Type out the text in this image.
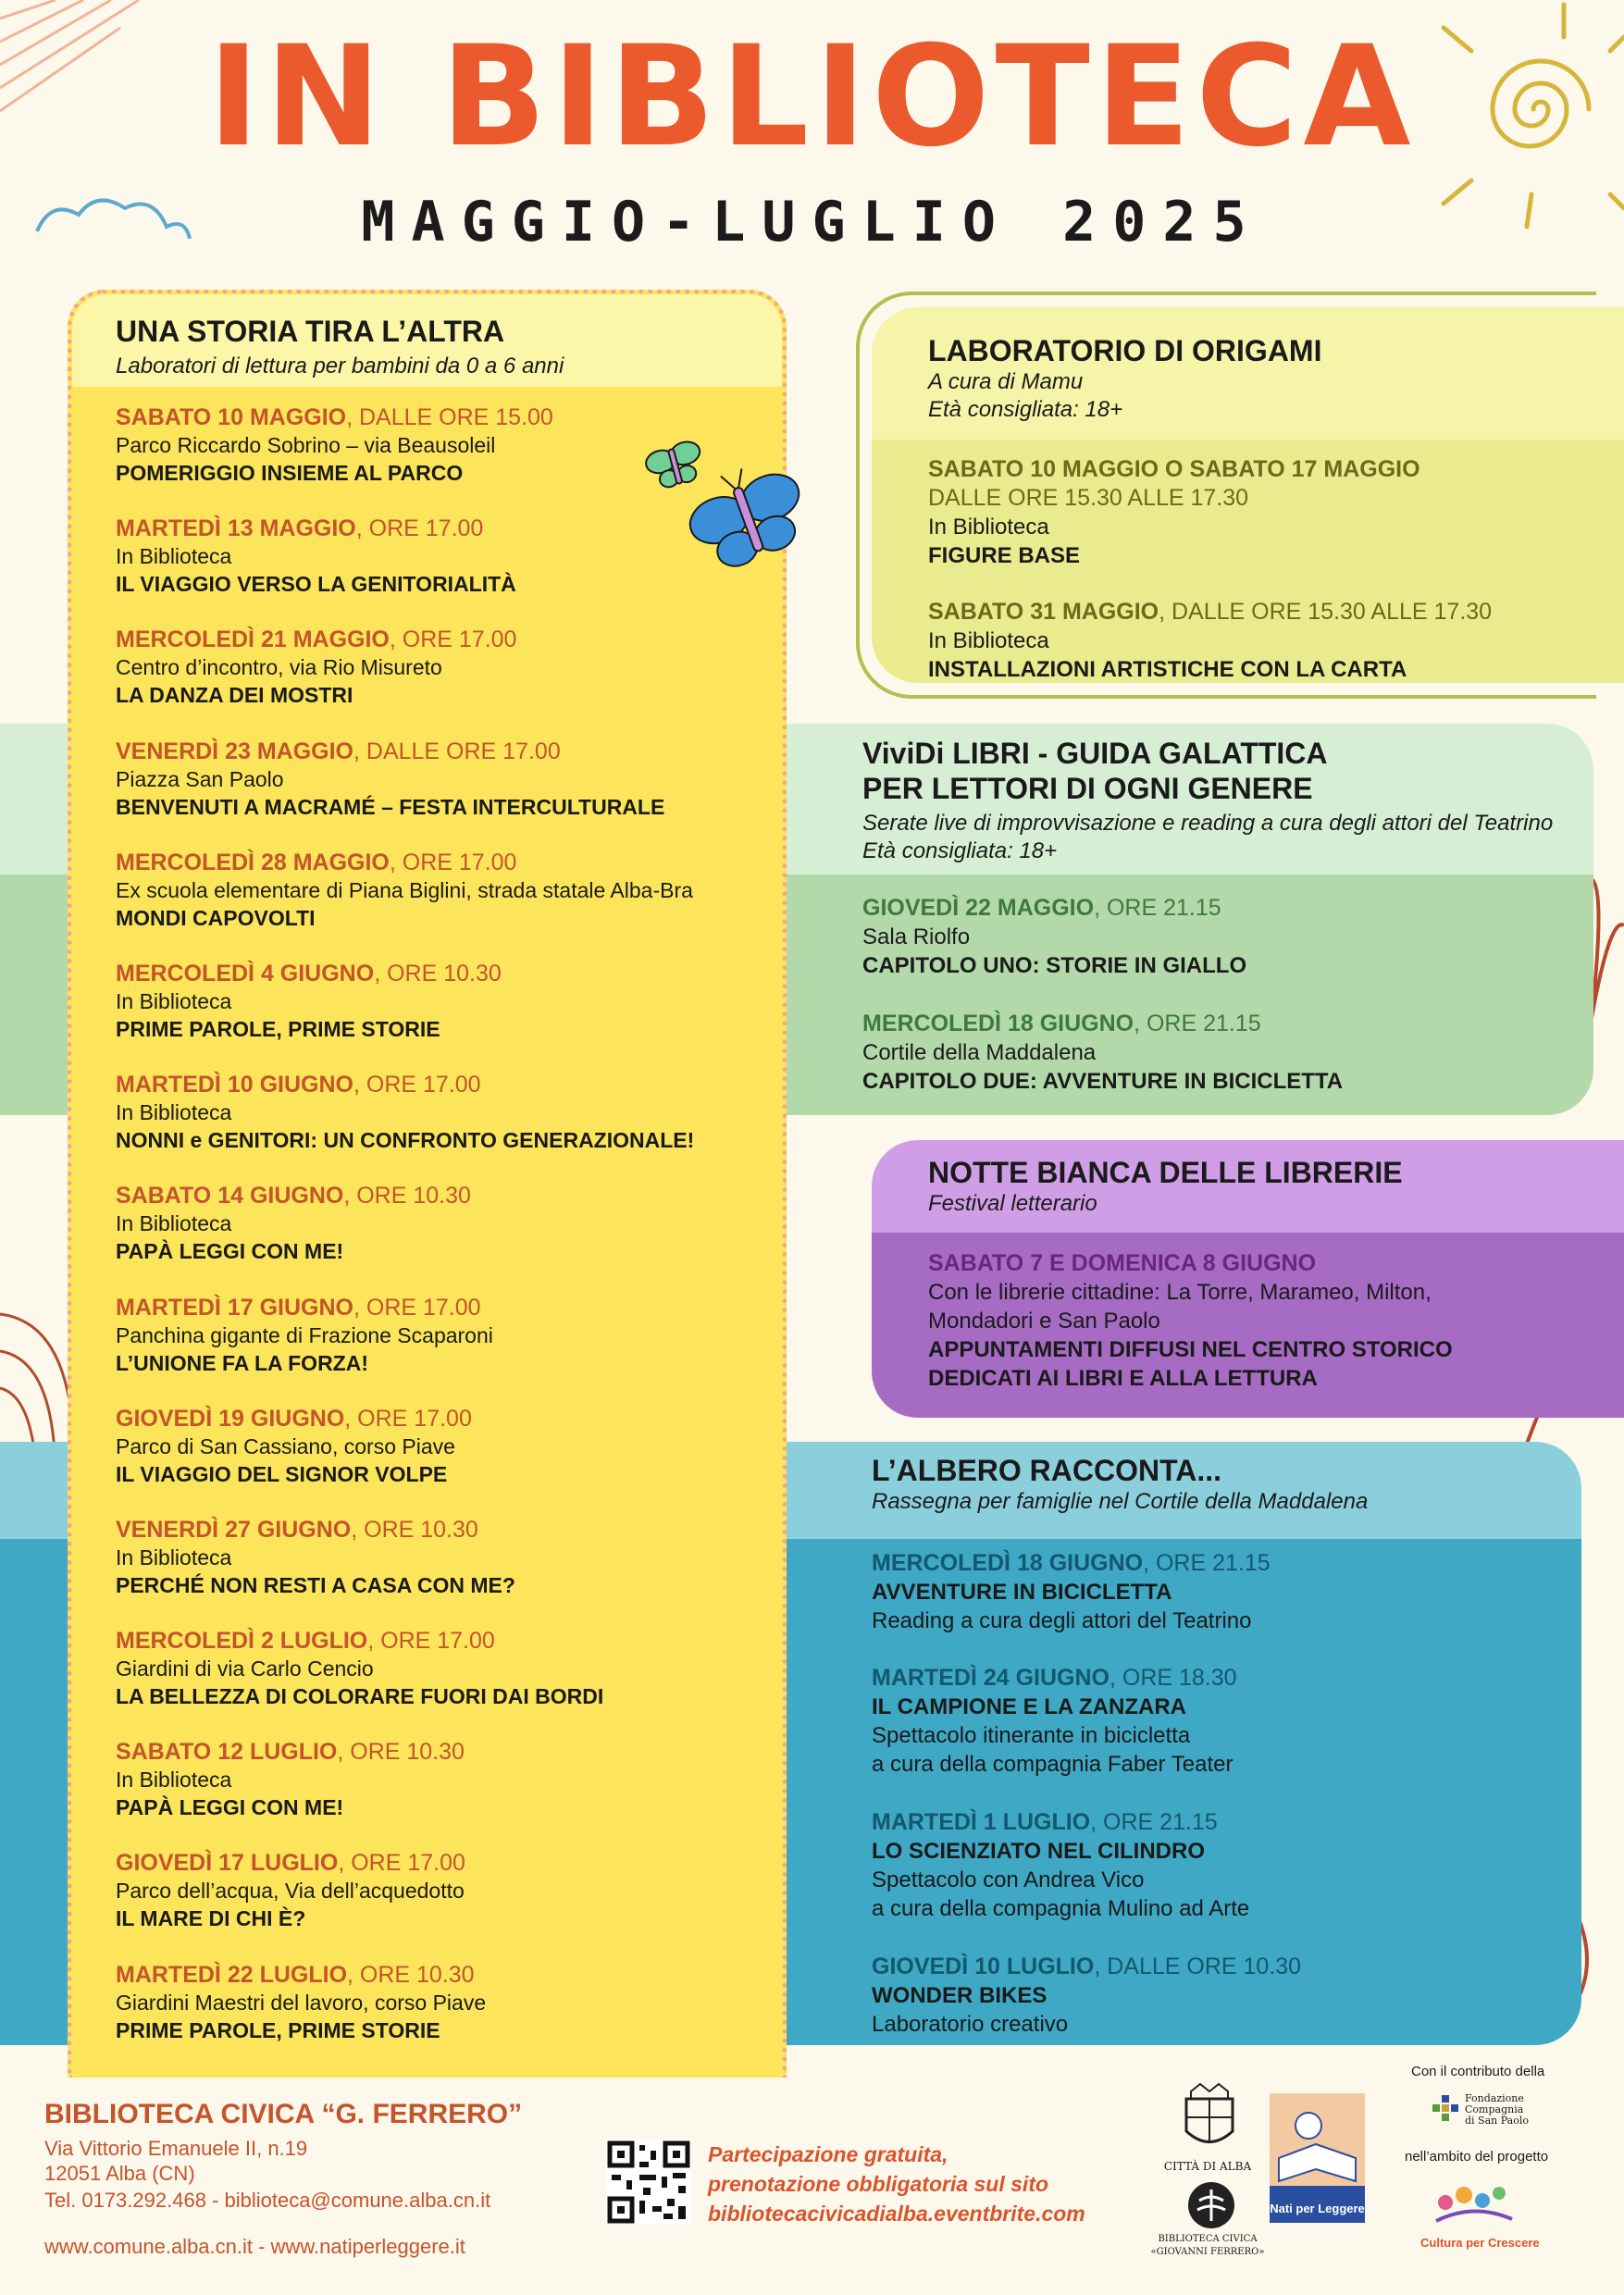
IN BIBLIOTECA
MAGGIO-LUGLIO 2025
ViviDi LIBRI - GUIDA GALATTICA
PER LETTORI DI OGNI GENERE
Serate live di improvvisazione e reading a cura degli attori del Teatrino
Età consigliata: 18+
GIOVEDÌ 22 MAGGIO, ORE 21.15
Sala Riolfo
CAPITOLO UNO: STORIE IN GIALLO
MERCOLEDÌ 18 GIUGNO, ORE 21.15
Cortile della Maddalena
CAPITOLO DUE: AVVENTURE IN BICICLETTA
L’ALBERO RACCONTA...
Rassegna per famiglie nel Cortile della Maddalena
MERCOLEDÌ 18 GIUGNO, ORE 21.15
AVVENTURE IN BICICLETTA
Reading a cura degli attori del Teatrino
MARTEDÌ 24 GIUGNO, ORE 18.30
IL CAMPIONE E LA ZANZARA
Spettacolo itinerante in bicicletta
a cura della compagnia Faber Teater
MARTEDÌ 1 LUGLIO, ORE 21.15
LO SCIENZIATO NEL CILINDRO
Spettacolo con Andrea Vico
a cura della compagnia Mulino ad Arte
GIOVEDÌ 10 LUGLIO, DALLE ORE 10.30
WONDER BIKES
Laboratorio creativo
LABORATORIO DI ORIGAMI
A cura di Mamu
Età consigliata: 18+
SABATO 10 MAGGIO O SABATO 17 MAGGIO
DALLE ORE 15.30 ALLE 17.30
In Biblioteca
FIGURE BASE
SABATO 31 MAGGIO, DALLE ORE 15.30 ALLE 17.30
In Biblioteca
INSTALLAZIONI ARTISTICHE CON LA CARTA
NOTTE BIANCA DELLE LIBRERIE
Festival letterario
SABATO 7 E DOMENICA 8 GIUGNO
Con le librerie cittadine: La Torre, Marameo, Milton,
Mondadori e San Paolo
APPUNTAMENTI DIFFUSI NEL CENTRO STORICO
DEDICATI AI LIBRI E ALLA LETTURA
UNA STORIA TIRA L’ALTRA
Laboratori di lettura per bambini da 0 a 6 anni
SABATO 10 MAGGIO, DALLE ORE 15.00
Parco Riccardo Sobrino – via Beausoleil
POMERIGGIO INSIEME AL PARCO
MARTEDÌ 13 MAGGIO, ORE 17.00
In Biblioteca
IL VIAGGIO VERSO LA GENITORIALITÀ
MERCOLEDÌ 21 MAGGIO, ORE 17.00
Centro d’incontro, via Rio Misureto
LA DANZA DEI MOSTRI
VENERDÌ 23 MAGGIO, DALLE ORE 17.00
Piazza San Paolo
BENVENUTI A MACRAMÉ – FESTA INTERCULTURALE
MERCOLEDÌ 28 MAGGIO, ORE 17.00
Ex scuola elementare di Piana Biglini, strada statale Alba-Bra
MONDI CAPOVOLTI
MERCOLEDÌ 4 GIUGNO, ORE 10.30
In Biblioteca
PRIME PAROLE, PRIME STORIE
MARTEDÌ 10 GIUGNO, ORE 17.00
In Biblioteca
NONNI e GENITORI: UN CONFRONTO GENERAZIONALE!
SABATO 14 GIUGNO, ORE 10.30
In Biblioteca
PAPÀ LEGGI CON ME!
MARTEDÌ 17 GIUGNO, ORE 17.00
Panchina gigante di Frazione Scaparoni
L’UNIONE FA LA FORZA!
GIOVEDÌ 19 GIUGNO, ORE 17.00
Parco di San Cassiano, corso Piave
IL VIAGGIO DEL SIGNOR VOLPE
VENERDÌ 27 GIUGNO, ORE 10.30
In Biblioteca
PERCHÉ NON RESTI A CASA CON ME?
MERCOLEDÌ 2 LUGLIO, ORE 17.00
Giardini di via Carlo Cencio
LA BELLEZZA DI COLORARE FUORI DAI BORDI
SABATO 12 LUGLIO, ORE 10.30
In Biblioteca
PAPÀ LEGGI CON ME!
GIOVEDÌ 17 LUGLIO, ORE 17.00
Parco dell’acqua, Via dell’acquedotto
IL MARE DI CHI È?
MARTEDÌ 22 LUGLIO, ORE 10.30
Giardini Maestri del lavoro, corso Piave
PRIME PAROLE, PRIME STORIE
BIBLIOTECA CIVICA “G. FERRERO”
Via Vittorio Emanuele II, n.19
12051 Alba (CN)
Tel. 0173.292.468 - biblioteca@comune.alba.cn.it
www.comune.alba.cn.it - www.natiperleggere.it
Partecipazione gratuita,
prenotazione obbligatoria sul sito
bibliotecacivicadialba.eventbrite.com
CITTÀ DI ALBA
BIBLIOTECA CIVICA
«GIOVANNI FERRERO»
Nati per Leggere
Con il contributo della
Fondazione
Compagnia
di San Paolo
nell’ambito del progetto
Cultura per Crescere
